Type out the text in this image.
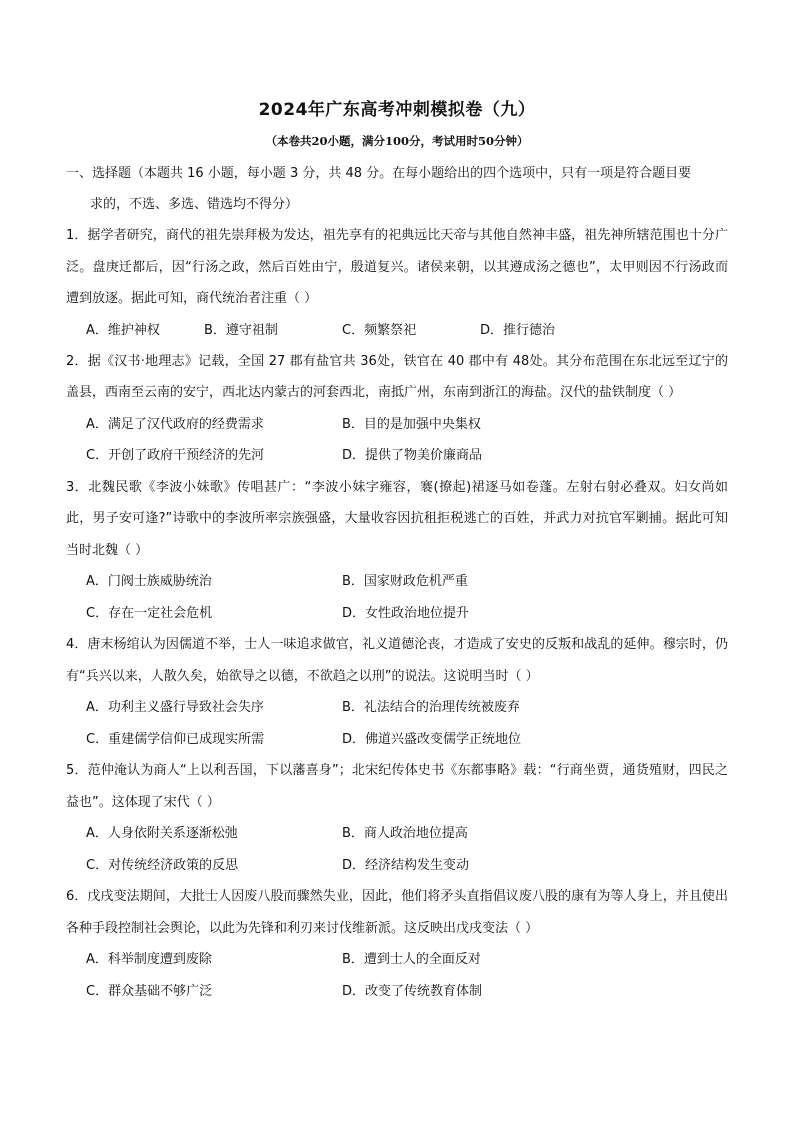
2024年广东高考冲刺模拟卷（九）
（本卷共20小题，满分100分，考试用时50分钟）
一、选择题（本题共 16 小题，每小题 3 分，共 48 分。在每小题给出的四个选项中，只有一项是符合题目要
求的，不选、多选、错选均不得分）
1．据学者研究，商代的祖先崇拜极为发达，祖先享有的祀典远比天帝与其他自然神丰盛，祖先神所辖范围也十分广泛。盘庚迁都后，因“行汤之政，然后百姓由宁，殷道复兴。诸侯来朝，以其遵成汤之德也”，太甲则因不行汤政而遭到放逐。据此可知，商代统治者注重（ ）
A．维护神权	B．遵守祖制	C．频繁祭祀	D．推行德治
2．据《汉书·地理志》记载，全国 27 郡有盐官共 36处，铁官在 40 郡中有 48处。其分布范围在东北远至辽宁的盖县，西南至云南的安宁，西北达内蒙古的河套西北，南抵广州，东南到浙江的海盐。汉代的盐铁制度（ ）
A．满足了汉代政府的经费需求	B．目的是加强中央集权
C．开创了政府干预经济的先河	D．提供了物美价廉商品
3．北魏民歌《李波小妹歌》传唱甚广：“李波小妹字雍容，褰(撩起)裙逐马如卷蓬。左射右射必叠双。妇女尚如此，男子安可逢?”诗歌中的李波所率宗族强盛，大量收容因抗租拒税逃亡的百姓，并武力对抗官军剿捕。据此可知当时北魏（ ）
A．门阀士族威胁统治	B．国家财政危机严重
C．存在一定社会危机	D．女性政治地位提升
4．唐末杨绾认为因儒道不举，士人一味追求做官，礼义道德沦丧，才造成了安史的反叛和战乱的延伸。穆宗时，仍有“兵兴以来，人散久矣，始欲导之以德，不欲趋之以刑”的说法。这说明当时（ ）
A．功利主义盛行导致社会失序	B．礼法结合的治理传统被废弃
C．重建儒学信仰已成现实所需	D．佛道兴盛改变儒学正统地位
5．范仲淹认为商人“上以利吾国，下以藩喜身”；北宋纪传体史书《东都事略》载：“行商坐贾，通货殖财，四民之益也”。这体现了宋代（ ）
A．人身依附关系逐渐松弛	B．商人政治地位提高
C．对传统经济政策的反思	D．经济结构发生变动
6．戊戌变法期间，大批士人因废八股而骤然失业，因此，他们将矛头直指倡议废八股的康有为等人身上，并且使出各种手段控制社会舆论，以此为先锋和利刃来讨伐维新派。这反映出戊戌变法（ ）
A．科举制度遭到废除	B．遭到士人的全面反对
C．群众基础不够广泛	D．改变了传统教育体制
